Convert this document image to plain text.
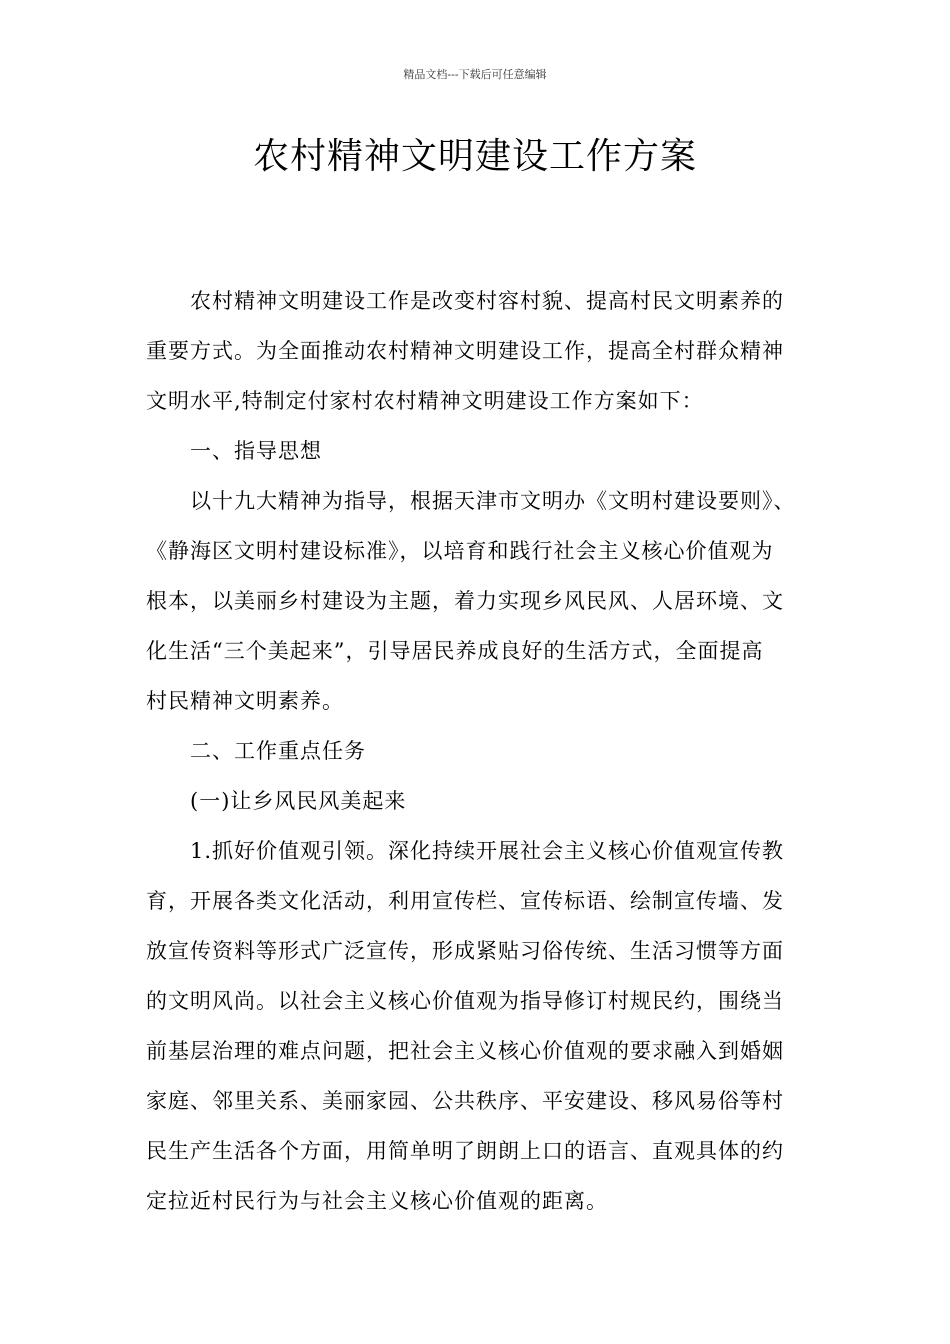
精品文档---下载后可任意编辑
农村精神文明建设工作方案
农村精神文明建设工作是改变村容村貌、提高村民文明素养的
重要方式。为全面推动农村精神文明建设工作，提高全村群众精神
文明水平,特制定付家村农村精神文明建设工作方案如下：
一、指导思想
以十九大精神为指导，根据天津市文明办《文明村建设要则》、
《静海区文明村建设标准》，以培育和践行社会主义核心价值观为
根本，以美丽乡村建设为主题，着力实现乡风民风、人居环境、文
化生活“三个美起来”，引导居民养成良好的生活方式，全面提高
村民精神文明素养。
二、工作重点任务
(一)让乡风民风美起来
1.抓好价值观引领。深化持续开展社会主义核心价值观宣传教
育，开展各类文化活动，利用宣传栏、宣传标语、绘制宣传墙、发
放宣传资料等形式广泛宣传，形成紧贴习俗传统、生活习惯等方面
的文明风尚。以社会主义核心价值观为指导修订村规民约，围绕当
前基层治理的难点问题，把社会主义核心价值观的要求融入到婚姻
家庭、邻里关系、美丽家园、公共秩序、平安建设、移风易俗等村
民生产生活各个方面，用简单明了朗朗上口的语言、直观具体的约
定拉近村民行为与社会主义核心价值观的距离。
